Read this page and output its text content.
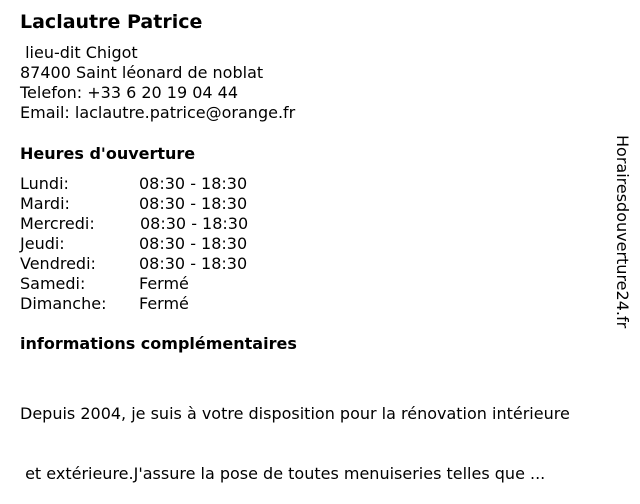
Laclautre Patrice
lieu-dit Chigot
87400 Saint léonard de noblat
Telefon: +33 6 20 19 04 44
Email: laclautre.patrice@orange.fr
Heures d'ouverture
Lundi:	08:30 - 18:30
Mardi:	08:30 - 18:30
Mercredi:	08:30 - 18:30
Jeudi:	08:30 - 18:30
Vendredi:	08:30 - 18:30
Samedi:	Fermé
Dimanche: Fermé
informations complémentaires

Depuis 2004, je suis à votre disposition pour la rénovation intérieure

et extérieure.J'assure la pose de toutes menuiseries telles que ...

Horairesdouverture24.fr
